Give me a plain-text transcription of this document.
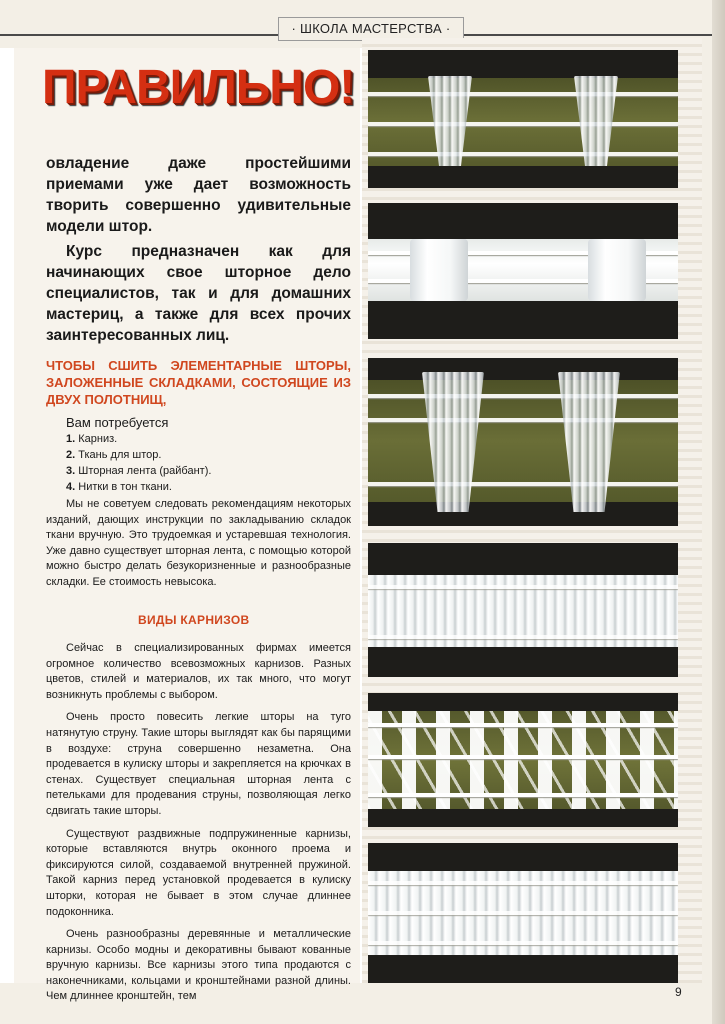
· ШКОЛА МАСТЕРСТВА ·
ПРАВИЛЬНО!

овладение даже простейшими приемами уже дает возможность творить совершенно удивительные модели штор.

Курс предназначен как для начинающих свое шторное дело специалистов, так и для домашних мастериц, а также для всех прочих заинтересованных лиц.

ЧТОБЫ СШИТЬ ЭЛЕМЕНТАРНЫЕ ШТОРЫ, ЗАЛОЖЕННЫЕ СКЛАДКАМИ, СОСТОЯЩИЕ ИЗ ДВУХ ПОЛОТНИЩ,

Вам потребуется

1. Карниз.
2. Ткань для штор.
3. Шторная лента (райбант).
4. Нитки в тон ткани.

Мы не советуем следовать рекомендациям некоторых изданий, дающих инструкции по закладыванию складок ткани вручную. Это трудоемкая и устаревшая технология. Уже давно существует шторная лента, с помощью которой можно быстро делать безукоризненные и разнообразные складки. Ее стоимость невысока.

ВИДЫ КАРНИЗОВ

Сейчас в специализированных фирмах имеется огромное количество всевозможных карнизов. Разных цветов, стилей и материалов, их так много, что могут возникнуть проблемы с выбором.

Очень просто повесить легкие шторы на туго натянутую струну. Такие шторы выглядят как бы парящими в воздухе: струна совершенно незаметна. Она продевается в кулиску шторы и закрепляется на крючках в стенах. Существует специальная шторная лента с петельками для продевания струны, позволяющая легко сдвигать такие шторы.

Существуют раздвижные подпружиненные карнизы, которые вставляются внутрь оконного проема и фиксируются силой, создаваемой внутренней пружиной. Такой карниз перед установкой продевается в кулиску шторки, которая не бывает в этом случае длиннее подоконника.

Очень разнообразны деревянные и металлические карнизы. Особо модны и декоративны бывают кованные вручную карнизы. Все карнизы этого типа продаются с наконечниками, кольцами и кронштейнами разной длины. Чем длиннее кронштейн, тем	9
